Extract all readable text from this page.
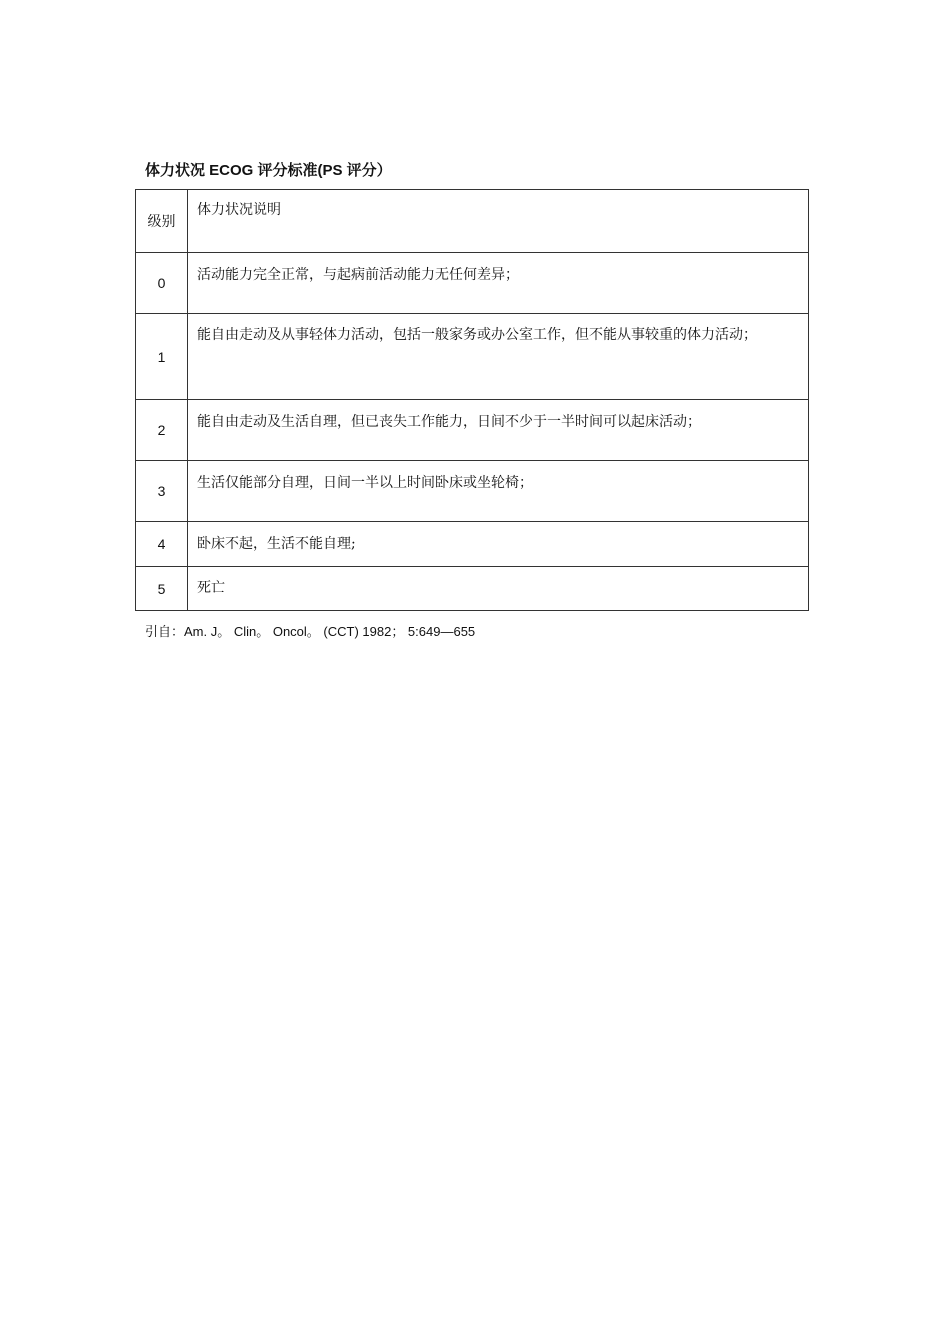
体力状况 ECOG 评分标准(PS 评分）
级别	体力状况说明
0	活动能力完全正常，与起病前活动能力无任何差异；
1	能自由走动及从事轻体力活动，包括一般家务或办公室工作，但不能从事较重的体力活动；
2	能自由走动及生活自理，但已丧失工作能力，日间不少于一半时间可以起床活动；
3	生活仅能部分自理，日间一半以上时间卧床或坐轮椅；
4	卧床不起，生活不能自理;
5	死亡
引自：Am. J。 Clin。 Oncol。 (CCT) 1982； 5:649—655
